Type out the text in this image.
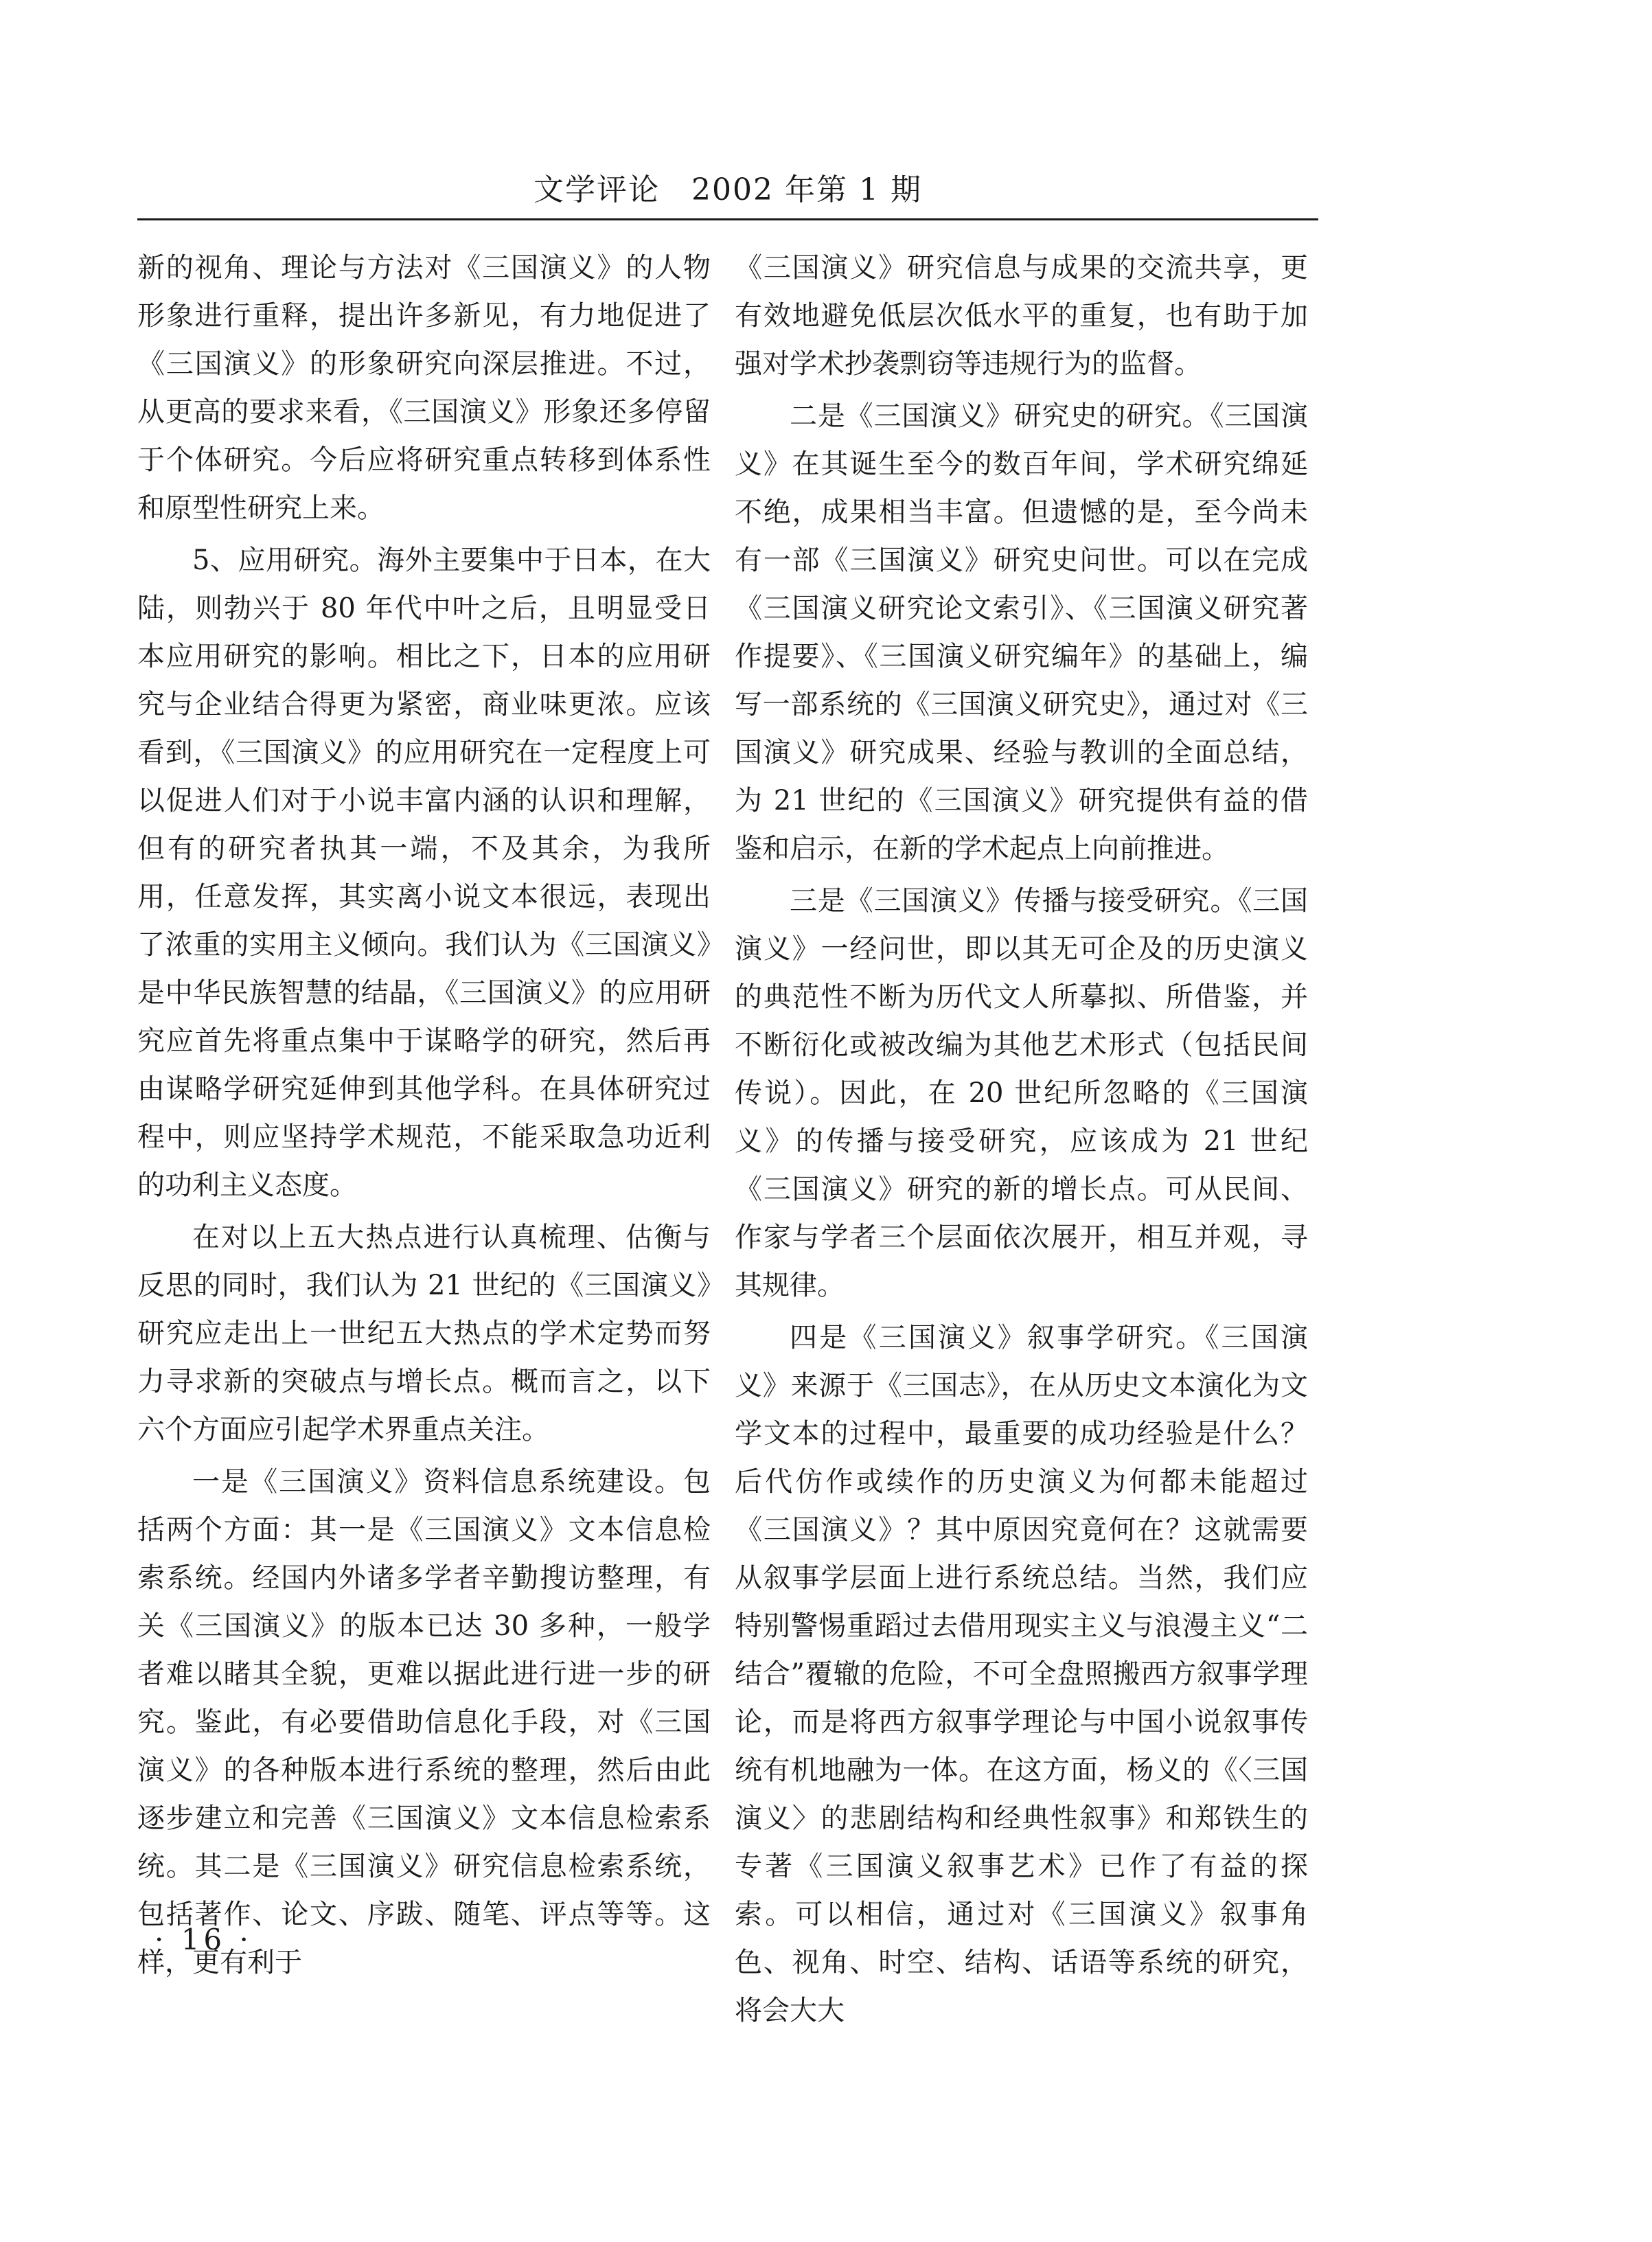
文学评论　2002 年第 1 期

新的视角、理论与方法对《三国演义》的人物形象进行重释，提出许多新见，有力地促进了《三国演义》的形象研究向深层推进。不过，从更高的要求来看，《三国演义》形象还多停留于个体研究。今后应将研究重点转移到体系性和原型性研究上来。

5、应用研究。海外主要集中于日本，在大陆，则勃兴于 80 年代中叶之后，且明显受日本应用研究的影响。相比之下，日本的应用研究与企业结合得更为紧密，商业味更浓。应该看到，《三国演义》的应用研究在一定程度上可以促进人们对于小说丰富内涵的认识和理解，但有的研究者执其一端，不及其余，为我所用，任意发挥，其实离小说文本很远，表现出了浓重的实用主义倾向。我们认为《三国演义》是中华民族智慧的结晶，《三国演义》的应用研究应首先将重点集中于谋略学的研究，然后再由谋略学研究延伸到其他学科。在具体研究过程中，则应坚持学术规范，不能采取急功近利的功利主义态度。

在对以上五大热点进行认真梳理、估衡与反思的同时，我们认为 21 世纪的《三国演义》研究应走出上一世纪五大热点的学术定势而努力寻求新的突破点与增长点。概而言之，以下六个方面应引起学术界重点关注。

一是《三国演义》资料信息系统建设。包括两个方面：其一是《三国演义》文本信息检索系统。经国内外诸多学者辛勤搜访整理，有关《三国演义》的版本已达 30 多种，一般学者难以睹其全貌，更难以据此进行进一步的研究。鉴此，有必要借助信息化手段，对《三国演义》的各种版本进行系统的整理，然后由此逐步建立和完善《三国演义》文本信息检索系统。其二是《三国演义》研究信息检索系统，包括著作、论文、序跋、随笔、评点等等。这样，更有利于

《三国演义》研究信息与成果的交流共享，更有效地避免低层次低水平的重复，也有助于加强对学术抄袭剽窃等违规行为的监督。

二是《三国演义》研究史的研究。《三国演义》在其诞生至今的数百年间，学术研究绵延不绝，成果相当丰富。但遗憾的是，至今尚未有一部《三国演义》研究史问世。可以在完成《三国演义研究论文索引》、《三国演义研究著作提要》、《三国演义研究编年》的基础上，编写一部系统的《三国演义研究史》，通过对《三国演义》研究成果、经验与教训的全面总结，为 21 世纪的《三国演义》研究提供有益的借鉴和启示，在新的学术起点上向前推进。

三是《三国演义》传播与接受研究。《三国演义》一经问世，即以其无可企及的历史演义的典范性不断为历代文人所摹拟、所借鉴，并不断衍化或被改编为其他艺术形式（包括民间传说）。因此，在 20 世纪所忽略的《三国演义》的传播与接受研究，应该成为 21 世纪《三国演义》研究的新的增长点。可从民间、作家与学者三个层面依次展开，相互并观，寻其规律。

四是《三国演义》叙事学研究。《三国演义》来源于《三国志》，在从历史文本演化为文学文本的过程中，最重要的成功经验是什么？后代仿作或续作的历史演义为何都未能超过《三国演义》？其中原因究竟何在？这就需要从叙事学层面上进行系统总结。当然，我们应特别警惕重蹈过去借用现实主义与浪漫主义“二结合”覆辙的危险，不可全盘照搬西方叙事学理论，而是将西方叙事学理论与中国小说叙事传统有机地融为一体。在这方面，杨义的《〈三国演义〉的悲剧结构和经典性叙事》和郑铁生的专著《三国演义叙事艺术》已作了有益的探索。可以相信，通过对《三国演义》叙事角色、视角、时空、结构、话语等系统的研究，将会大大

· 16 ·
